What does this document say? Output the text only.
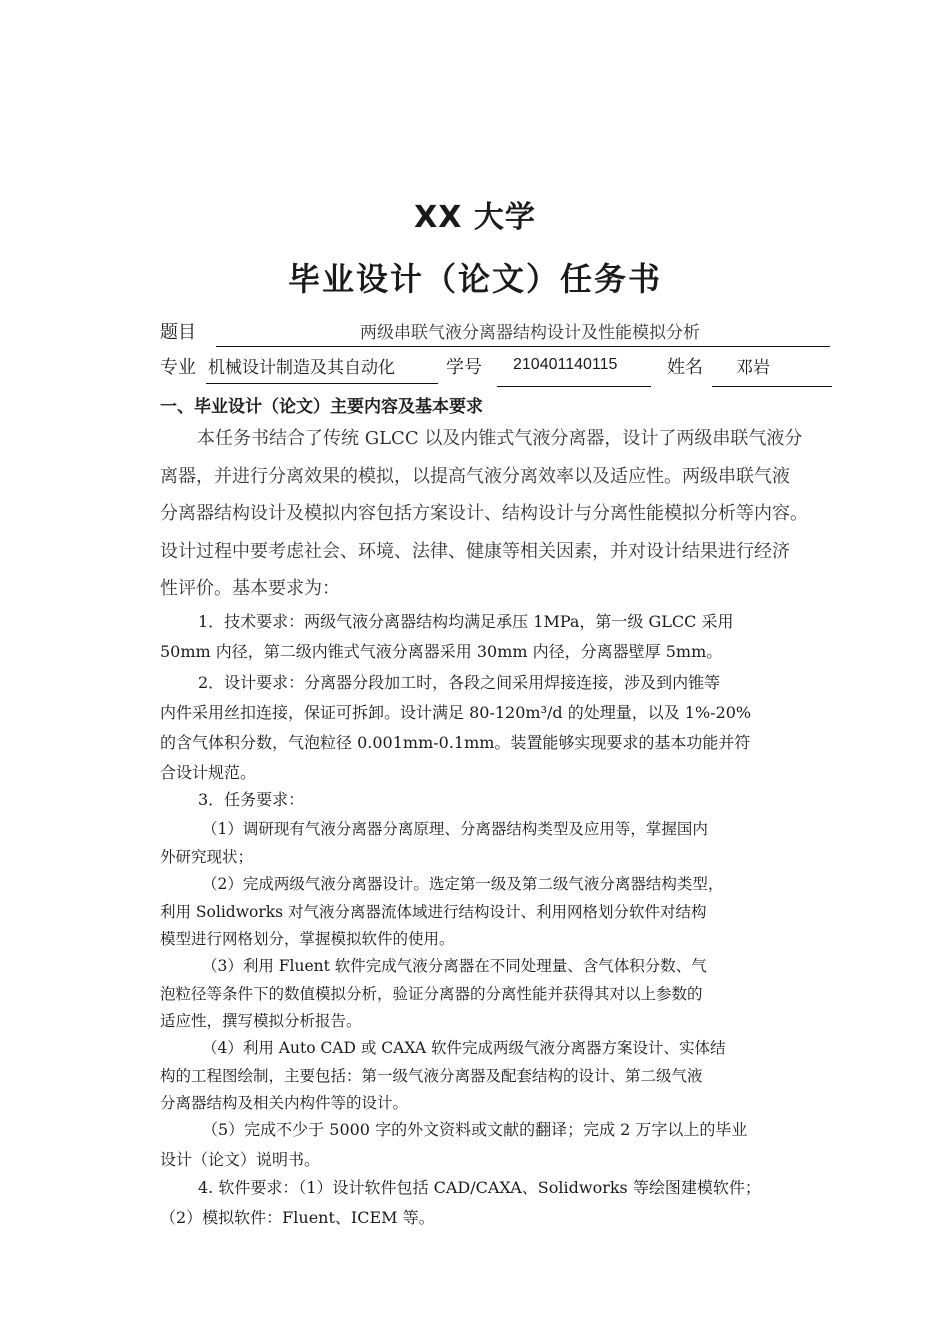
XX 大学
毕业设计（论文）任务书
题目	两级串联气液分离器结构设计及性能模拟分析
专业 机械设计制造及其自动化	学号 210401140115	姓名 邓岩
一、毕业设计（论文）主要内容及基本要求
本任务书结合了传统 GLCC 以及内锥式气液分离器，设计了两级串联气液分
离器，并进行分离效果的模拟，以提高气液分离效率以及适应性。两级串联气液
分离器结构设计及模拟内容包括方案设计、结构设计与分离性能模拟分析等内容。
设计过程中要考虑社会、环境、法律、健康等相关因素，并对设计结果进行经济
性评价。基本要求为：
1．技术要求：两级气液分离器结构均满足承压 1MPa，第一级 GLCC 采用
50mm 内径，第二级内锥式气液分离器采用 30mm 内径，分离器壁厚 5mm。
2．设计要求：分离器分段加工时，各段之间采用焊接连接，涉及到内锥等
内件采用丝扣连接，保证可拆卸。设计满足 80-120m³/d 的处理量，以及 1%-20%
的含气体积分数，气泡粒径 0.001mm-0.1mm。装置能够实现要求的基本功能并符
合设计规范。
3．任务要求：
（1）调研现有气液分离器分离原理、分离器结构类型及应用等，掌握国内
外研究现状；
（2）完成两级气液分离器设计。选定第一级及第二级气液分离器结构类型，
利用 Solidworks 对气液分离器流体域进行结构设计、利用网格划分软件对结构
模型进行网格划分，掌握模拟软件的使用。
（3）利用 Fluent 软件完成气液分离器在不同处理量、含气体积分数、气
泡粒径等条件下的数值模拟分析，验证分离器的分离性能并获得其对以上参数的
适应性，撰写模拟分析报告。
（4）利用 Auto CAD 或 CAXA 软件完成两级气液分离器方案设计、实体结
构的工程图绘制，主要包括：第一级气液分离器及配套结构的设计、第二级气液
分离器结构及相关内构件等的设计。
（5）完成不少于 5000 字的外文资料或文献的翻译；完成 2 万字以上的毕业
设计（论文）说明书。
4. 软件要求：（1）设计软件包括 CAD/CAXA、Solidworks 等绘图建模软件；
（2）模拟软件：Fluent、ICEM 等。
